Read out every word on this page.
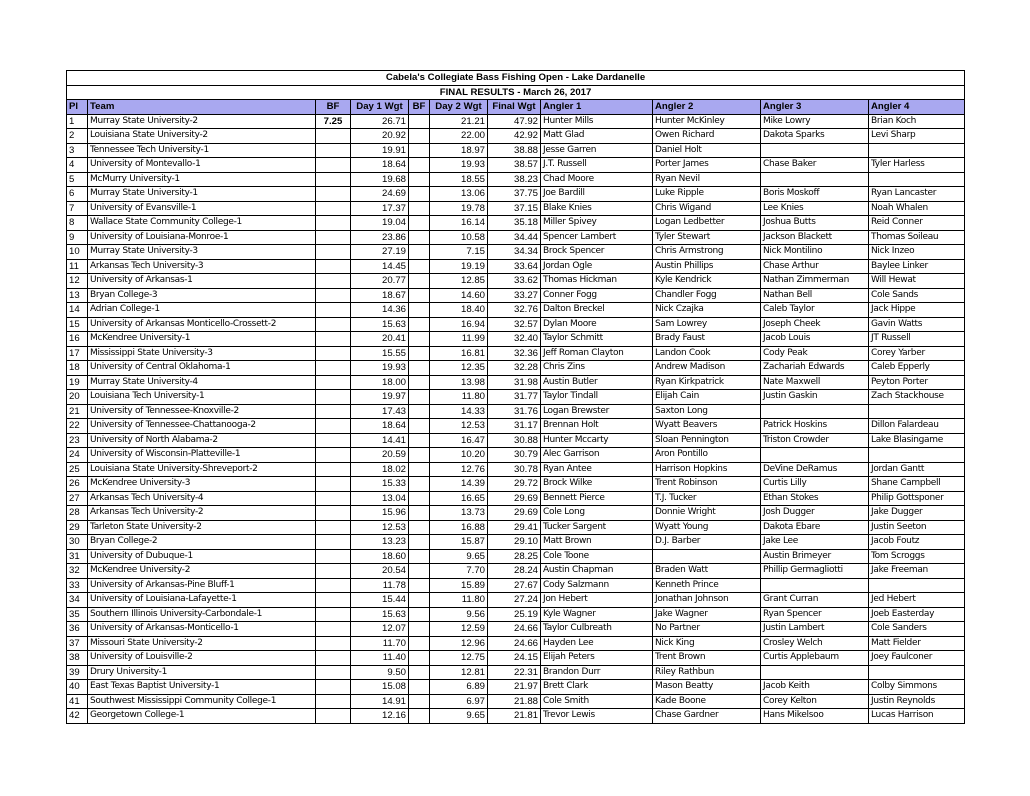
Cabela's Collegiate Bass Fishing Open - Lake Dardanelle										
FINAL RESULTS - March 26, 2017										
Pl	Team	BF	Day 1 Wgt	BF	Day 2 Wgt	Final Wgt	Angler 1	Angler 2	Angler 3	Angler 4
1	Murray State University-2	7.25	26.71		21.21	47.92	Hunter Mills	Hunter McKinley	Mike Lowry	Brian Koch
2	Louisiana State University-2		20.92		22.00	42.92	Matt Glad	Owen Richard	Dakota Sparks	Levi Sharp
3	Tennessee Tech University-1		19.91		18.97	38.88	Jesse Garren	Daniel Holt		
4	University of Montevallo-1		18.64		19.93	38.57	J.T. Russell	Porter James	Chase Baker	Tyler Harless
5	McMurry University-1		19.68		18.55	38.23	Chad Moore	Ryan Nevil		
6	Murray State University-1		24.69		13.06	37.75	Joe Bardill	Luke Ripple	Boris Moskoff	Ryan Lancaster
7	University of Evansville-1		17.37		19.78	37.15	Blake Knies	Chris Wigand	Lee Knies	Noah Whalen
8	Wallace State Community College-1		19.04		16.14	35.18	Miller Spivey	Logan Ledbetter	Joshua Butts	Reid Conner
9	University of Louisiana-Monroe-1		23.86		10.58	34.44	Spencer Lambert	Tyler Stewart	Jackson Blackett	Thomas Soileau
10	Murray State University-3		27.19		7.15	34.34	Brock Spencer	Chris Armstrong	Nick Montilino	Nick Inzeo
11	Arkansas Tech University-3		14.45		19.19	33.64	Jordan Ogle	Austin Phillips	Chase Arthur	Baylee Linker
12	University of Arkansas-1		20.77		12.85	33.62	Thomas Hickman	Kyle Kendrick	Nathan Zimmerman	Will Hewat
13	Bryan College-3		18.67		14.60	33.27	Conner Fogg	Chandler Fogg	Nathan Bell	Cole Sands
14	Adrian College-1		14.36		18.40	32.76	Dalton Breckel	Nick Czajka	Caleb Taylor	Jack Hippe
15	University of Arkansas Monticello-Crossett-2		15.63		16.94	32.57	Dylan Moore	Sam Lowrey	Joseph Cheek	Gavin Watts
16	McKendree University-1		20.41		11.99	32.40	Taylor Schmitt	Brady Faust	Jacob Louis	JT Russell
17	Mississippi State University-3		15.55		16.81	32.36	Jeff Roman Clayton	Landon Cook	Cody Peak	Corey Yarber
18	University of Central Oklahoma-1		19.93		12.35	32.28	Chris Zins	Andrew Madison	Zachariah Edwards	Caleb Epperly
19	Murray State University-4		18.00		13.98	31.98	Austin Butler	Ryan Kirkpatrick	Nate Maxwell	Peyton Porter
20	Louisiana Tech University-1		19.97		11.80	31.77	Taylor Tindall	Elijah Cain	Justin Gaskin	Zach Stackhouse
21	University of Tennessee-Knoxville-2		17.43		14.33	31.76	Logan Brewster	Saxton Long		
22	University of Tennessee-Chattanooga-2		18.64		12.53	31.17	Brennan Holt	Wyatt Beavers	Patrick Hoskins	Dillon Falardeau
23	University of North Alabama-2		14.41		16.47	30.88	Hunter Mccarty	Sloan Pennington	Triston Crowder	Lake Blasingame
24	University of Wisconsin-Platteville-1		20.59		10.20	30.79	Alec Garrison	Aron Pontillo		
25	Louisiana State University-Shreveport-2		18.02		12.76	30.78	Ryan Antee	Harrison Hopkins	DeVine DeRamus	Jordan Gantt
26	McKendree University-3		15.33		14.39	29.72	Brock Wilke	Trent Robinson	Curtis Lilly	Shane Campbell
27	Arkansas Tech University-4		13.04		16.65	29.69	Bennett Pierce	T.J. Tucker	Ethan Stokes	Philip Gottsponer
28	Arkansas Tech University-2		15.96		13.73	29.69	Cole Long	Donnie Wright	Josh Dugger	Jake Dugger
29	Tarleton State University-2		12.53		16.88	29.41	Tucker Sargent	Wyatt Young	Dakota Ebare	Justin Seeton
30	Bryan College-2		13.23		15.87	29.10	Matt Brown	D.J. Barber	Jake Lee	Jacob Foutz
31	University of Dubuque-1		18.60		9.65	28.25	Cole Toone		Austin Brimeyer	Tom Scroggs
32	McKendree University-2		20.54		7.70	28.24	Austin Chapman	Braden Watt	Phillip Germagliotti	Jake Freeman
33	University of Arkansas-Pine Bluff-1		11.78		15.89	27.67	Cody Salzmann	Kenneth Prince		
34	University of Louisiana-Lafayette-1		15.44		11.80	27.24	Jon Hebert	Jonathan Johnson	Grant Curran	Jed Hebert
35	Southern Illinois University-Carbondale-1		15.63		9.56	25.19	Kyle Wagner	Jake Wagner	Ryan Spencer	Joeb Easterday
36	University of Arkansas-Monticello-1		12.07		12.59	24.66	Taylor Culbreath	No Partner	Justin Lambert	Cole Sanders
37	Missouri State University-2		11.70		12.96	24.66	Hayden Lee	Nick King	Crosley Welch	Matt Fielder
38	University of Louisville-2		11.40		12.75	24.15	Elijah Peters	Trent Brown	Curtis Applebaum	Joey Faulconer
39	Drury University-1		9.50		12.81	22.31	Brandon Durr	Riley Rathbun		
40	East Texas Baptist University-1		15.08		6.89	21.97	Brett Clark	Mason Beatty	Jacob Keith	Colby Simmons
41	Southwest Mississippi Community College-1		14.91		6.97	21.88	Cole Smith	Kade Boone	Corey Kelton	Justin Reynolds
42	Georgetown College-1		12.16		9.65	21.81	Trevor Lewis	Chase Gardner	Hans Mikelsoo	Lucas Harrison
